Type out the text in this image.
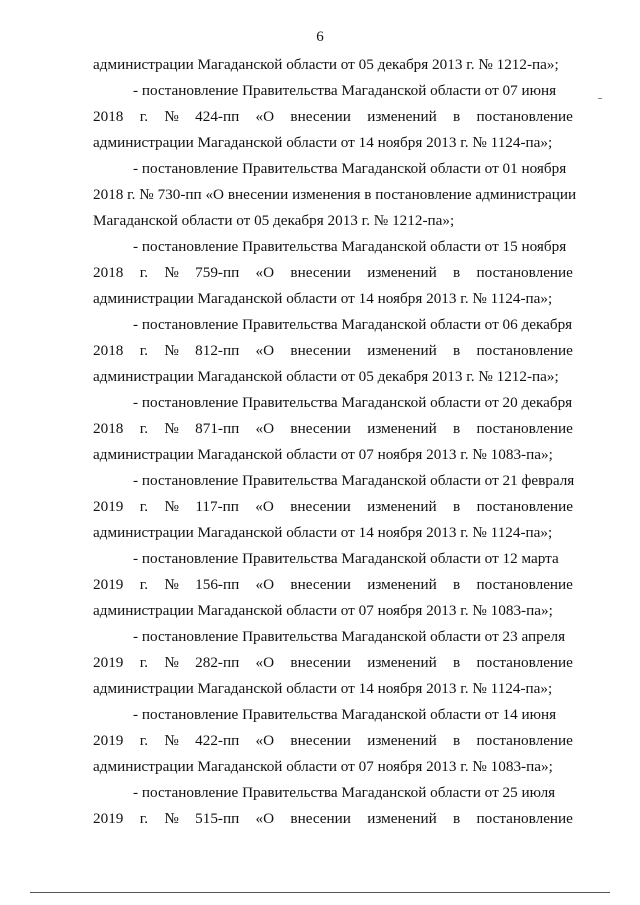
6
администрации Магаданской области от 05 декабря 2013 г. № 1212-па»;
- постановление Правительства Магаданской области от 07 июня
2018 г. № 424-пп «О внесении изменений в постановление
администрации Магаданской области от 14 ноября 2013 г. № 1124-па»;
- постановление Правительства Магаданской области от 01 ноября
2018 г. № 730-пп «О внесении изменения в постановление администрации
Магаданской области от 05 декабря 2013 г. № 1212-па»;
- постановление Правительства Магаданской области от 15 ноября
2018 г. № 759-пп «О внесении изменений в постановление
администрации Магаданской области от 14 ноября 2013 г. № 1124-па»;
- постановление Правительства Магаданской области от 06 декабря
2018 г. № 812-пп «О внесении изменений в постановление
администрации Магаданской области от 05 декабря 2013 г. № 1212-па»;
- постановление Правительства Магаданской области от 20 декабря
2018 г. № 871-пп «О внесении изменений в постановление
администрации Магаданской области от 07 ноября 2013 г. № 1083-па»;
- постановление Правительства Магаданской области от 21 февраля
2019 г. № 117-пп «О внесении изменений в постановление
администрации Магаданской области от 14 ноября 2013 г. № 1124-па»;
- постановление Правительства Магаданской области от 12 марта
2019 г. № 156-пп «О внесении изменений в постановление
администрации Магаданской области от 07 ноября 2013 г. № 1083-па»;
- постановление Правительства Магаданской области от 23 апреля
2019 г. № 282-пп «О внесении изменений в постановление
администрации Магаданской области от 14 ноября 2013 г. № 1124-па»;
- постановление Правительства Магаданской области от 14 июня
2019 г. № 422-пп «О внесении изменений в постановление
администрации Магаданской области от 07 ноября 2013 г. № 1083-па»;
- постановление Правительства Магаданской области от 25 июля
2019 г. № 515-пп «О внесении изменений в постановление
